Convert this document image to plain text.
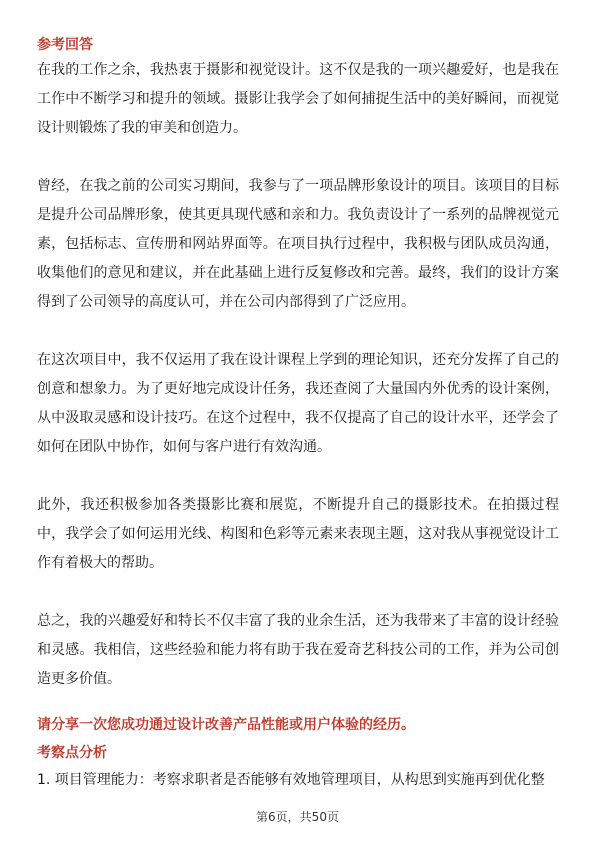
参考回答

在我的工作之余，我热衷于摄影和视觉设计。这不仅是我的一项兴趣爱好，也是我在工作中不断学习和提升的领域。摄影让我学会了如何捕捉生活中的美好瞬间，而视觉设计则锻炼了我的审美和创造力。

曾经，在我之前的公司实习期间，我参与了一项品牌形象设计的项目。该项目的目标是提升公司品牌形象，使其更具现代感和亲和力。我负责设计了一系列的品牌视觉元素，包括标志、宣传册和网站界面等。在项目执行过程中，我积极与团队成员沟通，收集他们的意见和建议，并在此基础上进行反复修改和完善。最终，我们的设计方案得到了公司领导的高度认可，并在公司内部得到了广泛应用。

在这次项目中，我不仅运用了我在设计课程上学到的理论知识，还充分发挥了自己的创意和想象力。为了更好地完成设计任务，我还查阅了大量国内外优秀的设计案例，从中汲取灵感和设计技巧。在这个过程中，我不仅提高了自己的设计水平，还学会了如何在团队中协作，如何与客户进行有效沟通。

此外，我还积极参加各类摄影比赛和展览，不断提升自己的摄影技术。在拍摄过程中，我学会了如何运用光线、构图和色彩等元素来表现主题，这对我从事视觉设计工作有着极大的帮助。

总之，我的兴趣爱好和特长不仅丰富了我的业余生活，还为我带来了丰富的设计经验和灵感。我相信，这些经验和能力将有助于我在爱奇艺科技公司的工作，并为公司创造更多价值。

请分享一次您成功通过设计改善产品性能或用户体验的经历。
考察点分析

1. 项目管理能力：考察求职者是否能够有效地管理项目，从构思到实施再到优化整

第6页，共50页
